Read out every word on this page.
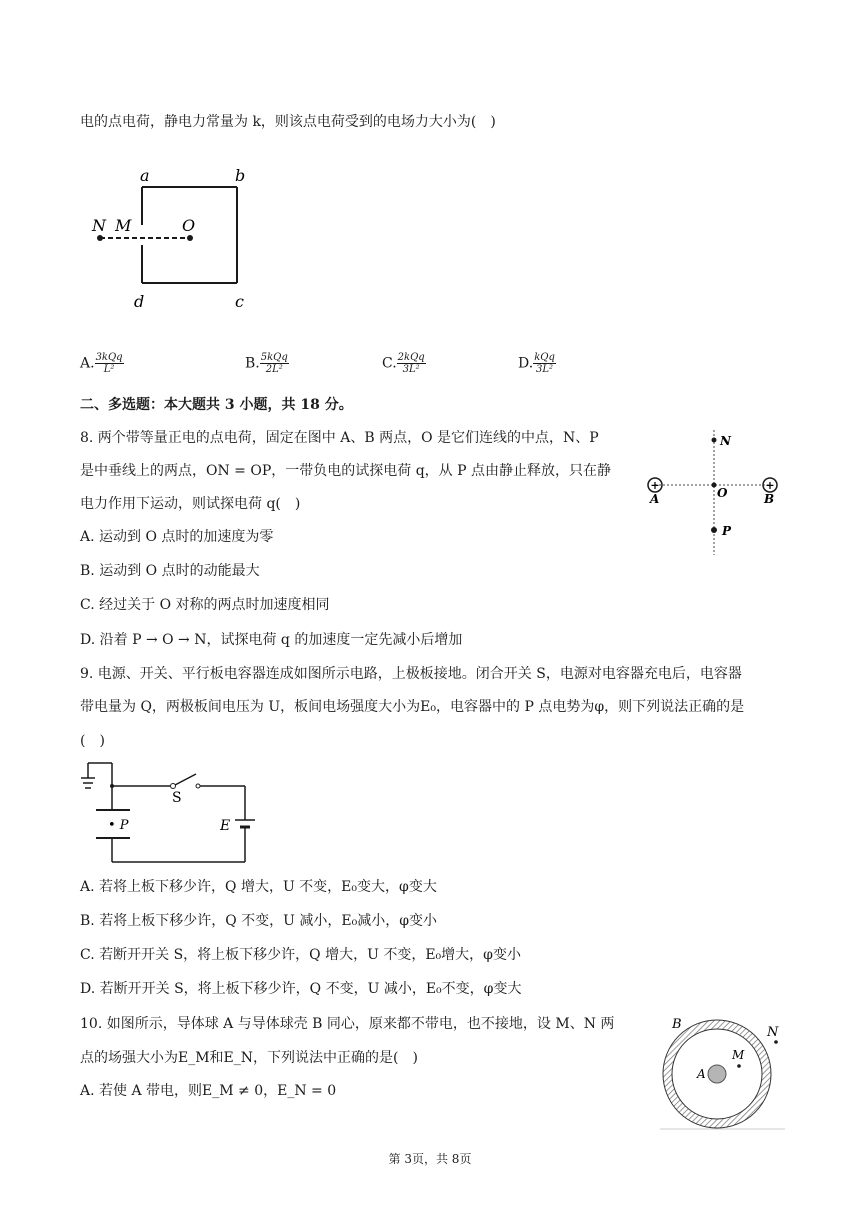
电的点电荷，静电力常量为 k，则该点电荷受到的电场力大小为(　)
a	b
c
d
N M	O
A. $\frac{\text{3kQq}}{\text{L²}}$	B. $\frac{\text{5kQq}}{\text{2L²}}$	C. $\frac{\text{2kQq}}{\text{3L²}}$	D. $\frac{\text{kQq}}{\text{3L²}}$
二、多选题：本大题共 3 小题，共 18 分。
8. 两个带等量正电的点电荷，固定在图中 A、B 两点，O 是它们连线的中点，N、P
是中垂线上的两点，ON = OP，一带负电的试探电荷 q，从 P 点由静止释放，只在静
电力作用下运动，则试探电荷 q(　)
A. 运动到 O 点时的加速度为零
B. 运动到 O 点时的动能最大
C. 经过关于 O 对称的两点时加速度相同
D. 沿着 P → O → N，试探电荷 q 的加速度一定先减小后增加
+	+
N
A	O	B
P
9. 电源、开关、平行板电容器连成如图所示电路，上极板接地。闭合开关 S，电源对电容器充电后，电容器
带电量为 Q，两极板间电压为 U，板间电场强度大小为E₀，电容器中的 P 点电势为φ，则下列说法正确的是
(　)
S
• P	E
A. 若将上板下移少许，Q 增大，U 不变，E₀变大，φ变大
B. 若将上板下移少许，Q 不变，U 减小，E₀减小，φ变小
C. 若断开开关 S，将上板下移少许，Q 增大，U 不变，E₀增大，φ变小
D. 若断开开关 S，将上板下移少许，Q 不变，U 减小，E₀不变，φ变大
10. 如图所示，导体球 A 与导体球壳 B 同心，原来都不带电，也不接地，设 M、N 两
点的场强大小为E_M和E_N，下列说法中正确的是(　)
A. 若使 A 带电，则E_M ≠ 0，E_N = 0
B
N
M
A
第 3页，共 8页
